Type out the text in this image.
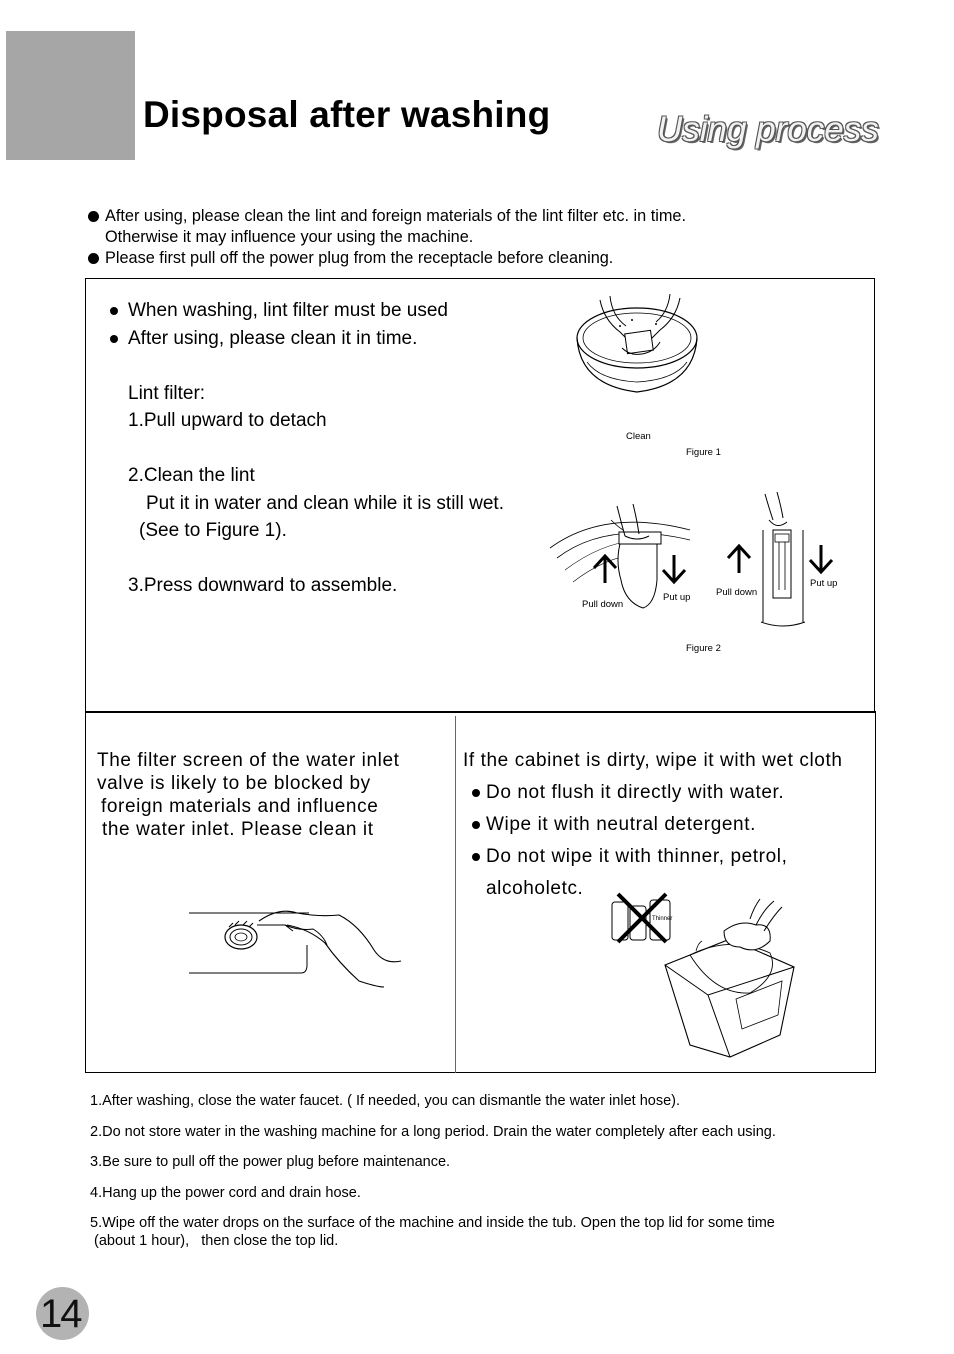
Disposal after washing	Using process
After using, please clean the lint and foreign materials of the lint filter etc. in time.
Otherwise it may influence your using the machine.
Please first pull off the power plug from the receptacle before cleaning.
When washing, lint filter must be used
After using, please clean it in time.
Lint filter:
1.Pull upward to detach
2.Clean the lint
Put it in water and clean while it is still wet.
(See to Figure 1).
3.Press downward to assemble.
Clean
Figure 1
Pull down
Put up	Pull down
Put up
Figure 2
The filter screen of the water inlet
valve is likely to be blocked by
foreign materials and influence
the water inlet. Please clean it
If the cabinet is dirty, wipe it with wet cloth
Do not flush it directly with water.
Wipe it with neutral detergent.
Do not wipe it with thinner, petrol,
alcoholetc.
Thinner
1.After washing, close the water faucet. ( If needed, you can dismantle the water inlet hose).
2.Do not store water in the washing machine for a long period. Drain the water completely after each using.
3.Be sure to pull off the power plug before maintenance.
4.Hang up the power cord and drain hose.
5.Wipe off the water drops on the surface of the machine and inside the tub. Open the top lid for some time
(about 1 hour),   then close the top lid.
14
